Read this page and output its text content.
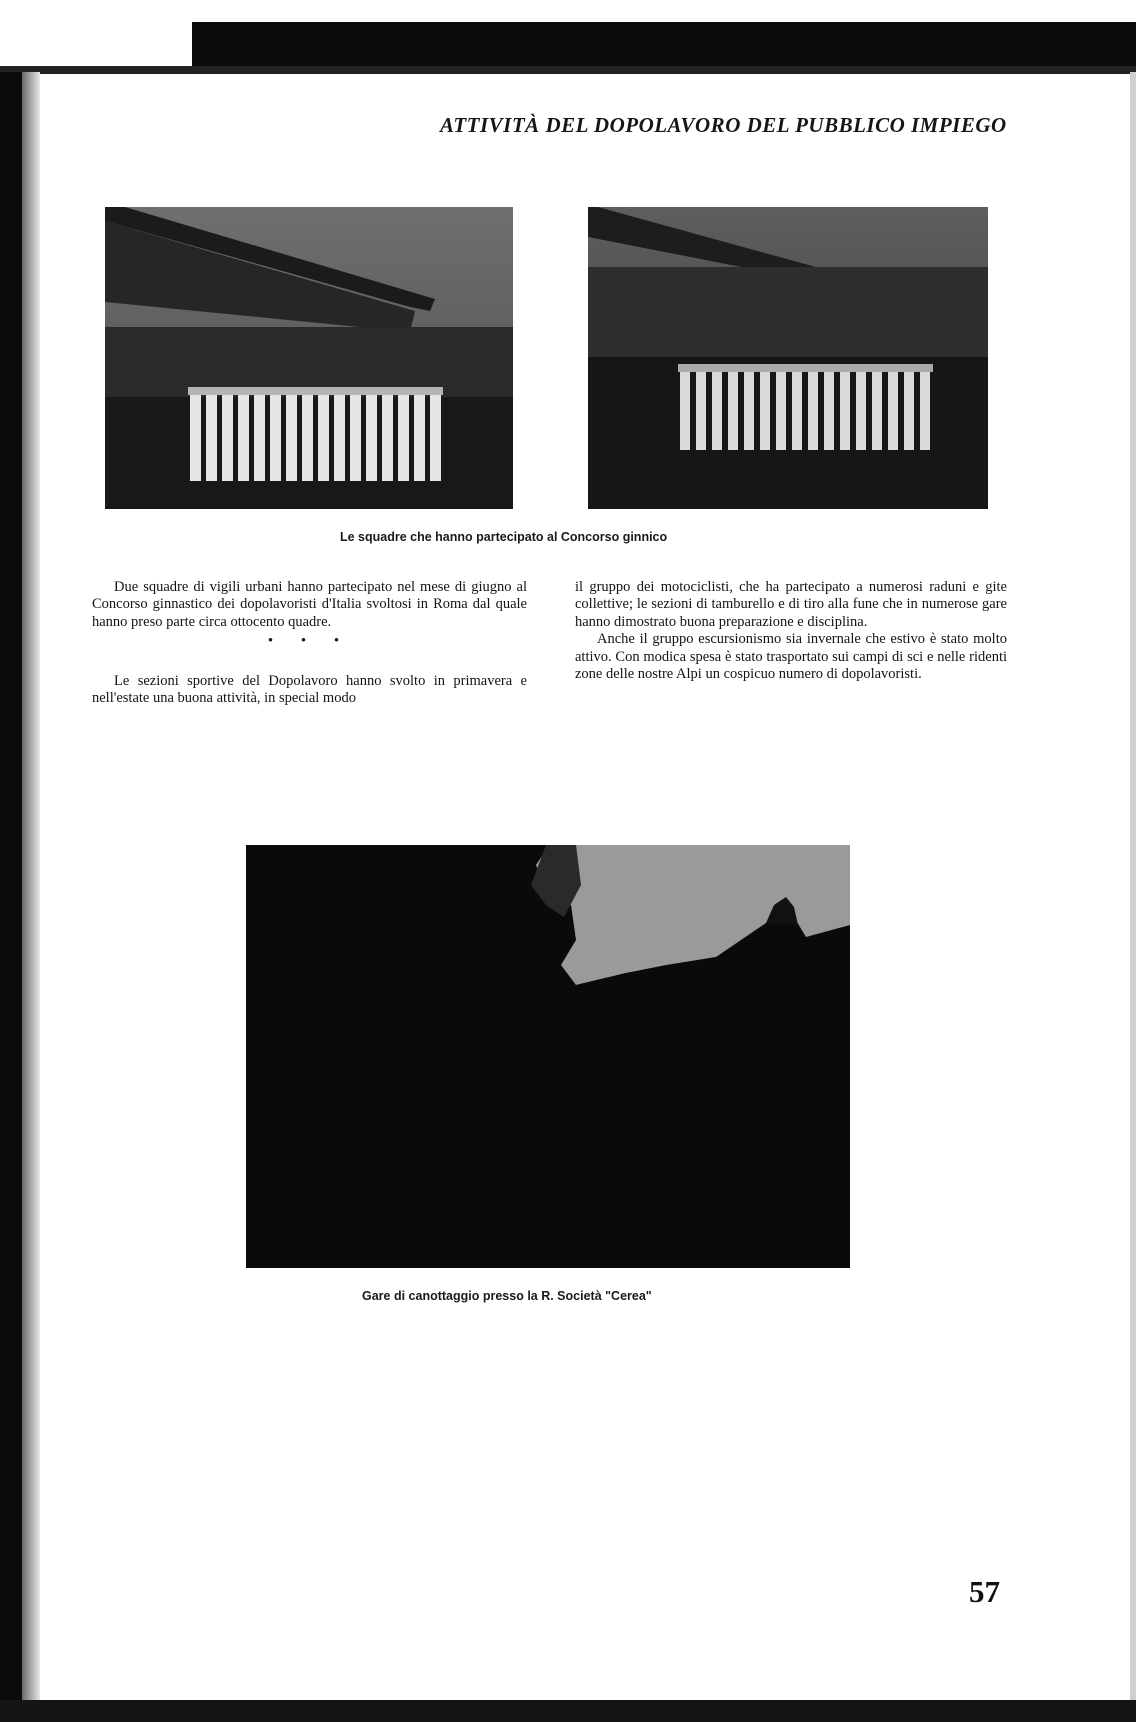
ATTIVITÀ DEL DOPOLAVORO DEL PUBBLICO IMPIEGO

Le squadre che hanno partecipato al Concorso ginnico

Due squadre di vigili urbani hanno partecipato nel mese di giugno al Concorso ginnastico dei dopolavoristi d'Italia svoltosi in Roma dal quale hanno preso parte circa ottocento quadre.

• • •

Le sezioni sportive del Dopolavoro hanno svolto in primavera e nell'estate una buona attività, in special modo

il gruppo dei motociclisti, che ha partecipato a numerosi raduni e gite collettive; le sezioni di tamburello e di tiro alla fune che in numerose gare hanno dimostrato buona preparazione e disciplina.

Anche il gruppo escursionismo sia invernale che estivo è stato molto attivo. Con modica spesa è stato trasportato sui campi di sci e nelle ridenti zone delle nostre Alpi un cospicuo numero di dopolavoristi.

Gare di canottaggio presso la R. Società "Cerea"

57
